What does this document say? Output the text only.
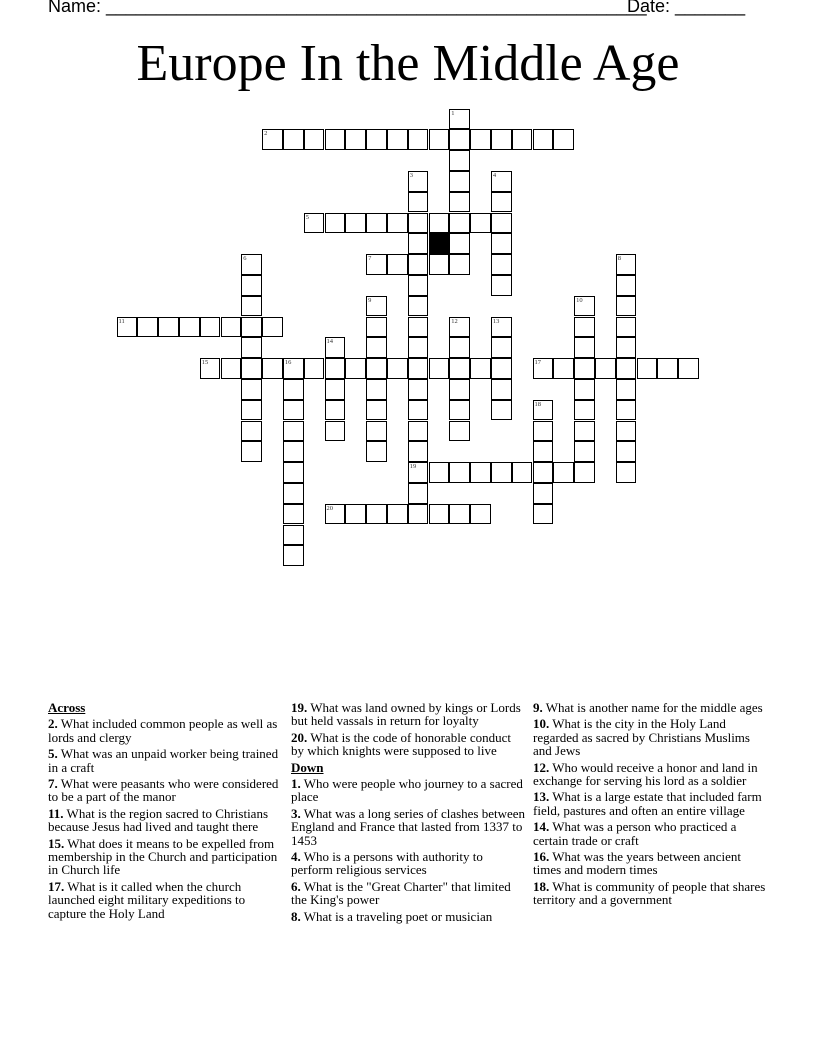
Name: ______________________________________________________
Date: _______
Europe In the Middle Age
1
2
3
19
4
5
6	7	8
9	10
11	12	13
14
15	16	17
18
20
Across
2. What included common people as well as lords and clergy
5. What was an unpaid worker being trained in a craft
7. What were peasants who were considered to be a part of the manor
11. What is the region sacred to Christians because Jesus had lived and taught there
15. What does it means to be expelled from membership in the Church and participation in Church life
17. What is it called when the church launched eight military expeditions to capture the Holy Land
19. What was land owned by kings or Lords but held vassals in return for loyalty
20. What is the code of honorable conduct by which knights were supposed to live
Down
1. Who were people who journey to a sacred place
3. What was a long series of clashes between England and France that lasted from 1337 to 1453
4. Who is a persons with authority to perform religious services
6. What is the "Great Charter" that limited the King's power
8. What is a traveling poet or musician
9. What is another name for the middle ages
10. What is the city in the Holy Land regarded as sacred by Christians Muslims and Jews
12. Who would receive a honor and land in exchange for serving his lord as a soldier
13. What is a large estate that included farm field, pastures and often an entire village
14. What was a person who practiced a certain trade or craft
16. What was the years between ancient times and modern times
18. What is community of people that shares territory and a government
